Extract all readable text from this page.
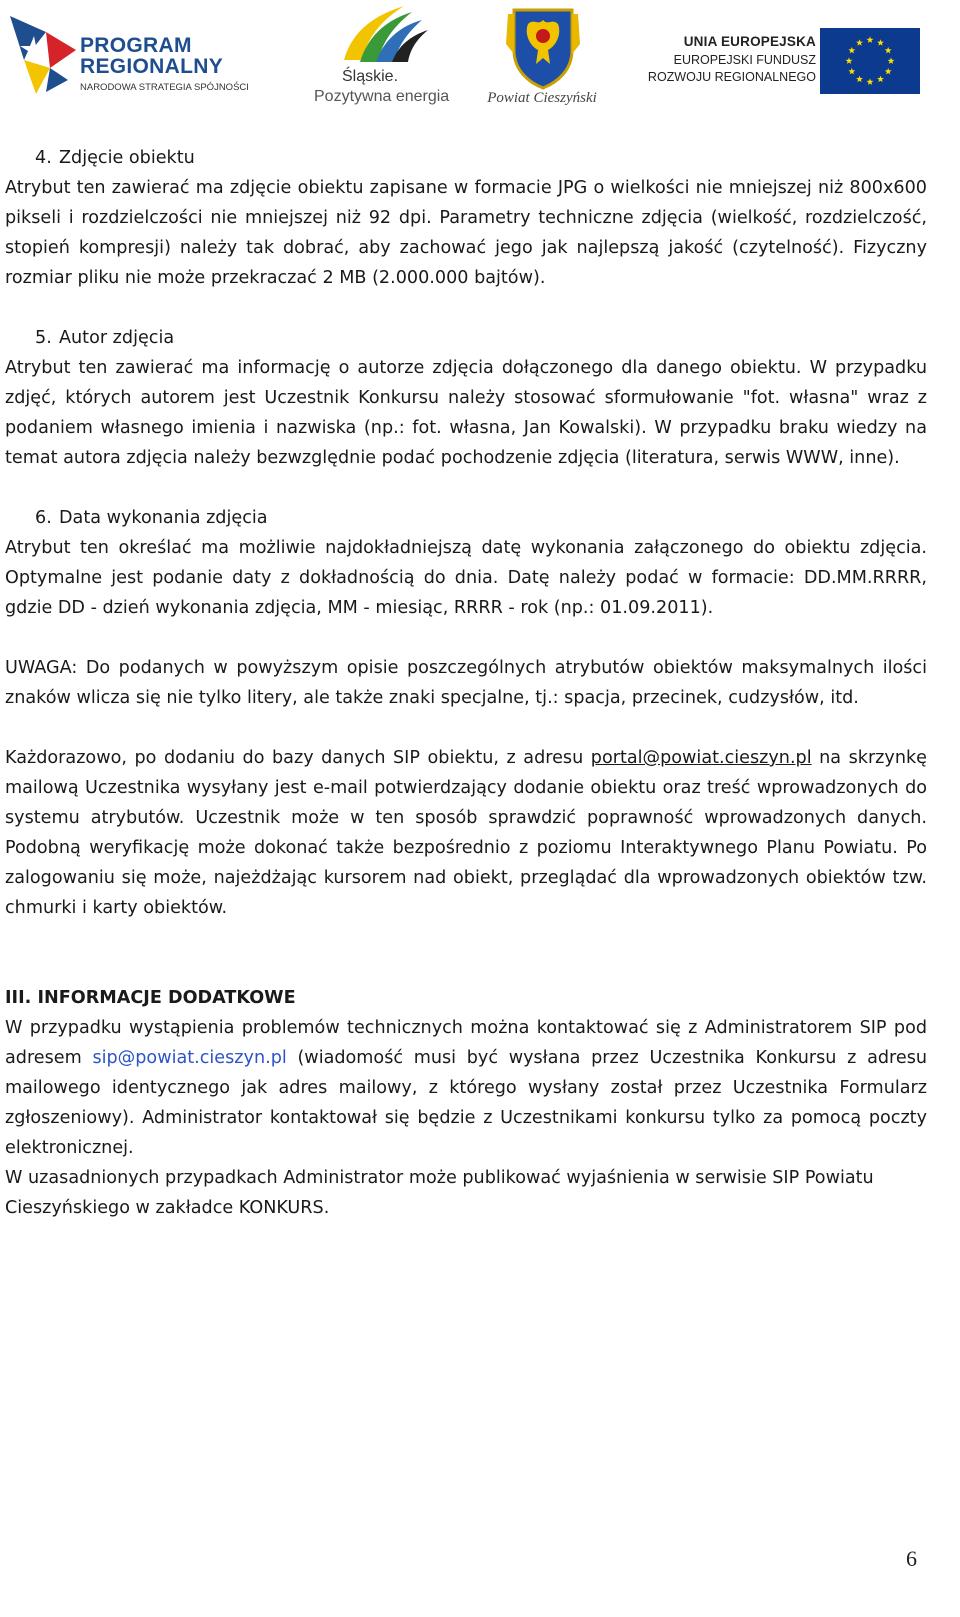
PROGRAM
REGIONALNY
NARODOWA STRATEGIA SPÓJNOŚCI
Śląskie.
Pozytywna energia	Powiat Cieszyński
UNIA EUROPEJSKA
EUROPEJSKI FUNDUSZ
ROZWOJU REGIONALNEGO
4. Zdjęcie obiektu

Atrybut ten zawierać ma zdjęcie obiektu zapisane w formacie JPG o wielkości nie mniejszej niż 800x600 pikseli i rozdzielczości nie mniejszej niż 92 dpi. Parametry techniczne zdjęcia (wielkość, rozdzielczość, stopień kompresji) należy tak dobrać, aby zachować jego jak najlepszą jakość (czytelność). Fizyczny rozmiar pliku nie może przekraczać 2 MB (2.000.000 bajtów).

5. Autor zdjęcia

Atrybut ten zawierać ma informację o autorze zdjęcia dołączonego dla danego obiektu. W przypadku zdjęć, których autorem jest Uczestnik Konkursu należy stosować sformułowanie "fot. własna" wraz z podaniem własnego imienia i nazwiska (np.: fot. własna, Jan Kowalski). W przypadku braku wiedzy na temat autora zdjęcia należy bezwzględnie podać pochodzenie zdjęcia (literatura, serwis WWW, inne).

6. Data wykonania zdjęcia

Atrybut ten określać ma możliwie najdokładniejszą datę wykonania załączonego do obiektu zdjęcia. Optymalne jest podanie daty z dokładnością do dnia. Datę należy podać w formacie: DD.MM.RRRR, gdzie DD - dzień wykonania zdjęcia, MM - miesiąc, RRRR - rok (np.: 01.09.2011).

UWAGA: Do podanych w powyższym opisie poszczególnych atrybutów obiektów maksymalnych ilości znaków wlicza się nie tylko litery, ale także znaki specjalne, tj.: spacja, przecinek, cudzysłów, itd.

Każdorazowo, po dodaniu do bazy danych SIP obiektu, z adresu portal@powiat.cieszyn.pl na skrzynkę mailową Uczestnika wysyłany jest e-mail potwierdzający dodanie obiektu oraz treść wprowadzonych do systemu atrybutów. Uczestnik może w ten sposób sprawdzić poprawność wprowadzonych danych. Podobną weryfikację może dokonać także bezpośrednio z poziomu Interaktywnego Planu Powiatu. Po zalogowaniu się może, najeżdżając kursorem nad obiekt, przeglądać dla wprowadzonych obiektów tzw. chmurki i karty obiektów.

III. INFORMACJE DODATKOWE

W przypadku wystąpienia problemów technicznych można kontaktować się z Administratorem SIP pod adresem sip@powiat.cieszyn.pl (wiadomość musi być wysłana przez Uczestnika Konkursu z adresu mailowego identycznego jak adres mailowy, z którego wysłany został przez Uczestnika Formularz zgłoszeniowy). Administrator kontaktował się będzie z Uczestnikami konkursu tylko za pomocą poczty elektronicznej.

W uzasadnionych przypadkach Administrator może publikować wyjaśnienia w serwisie SIP Powiatu Cieszyńskiego w zakładce KONKURS.

6
